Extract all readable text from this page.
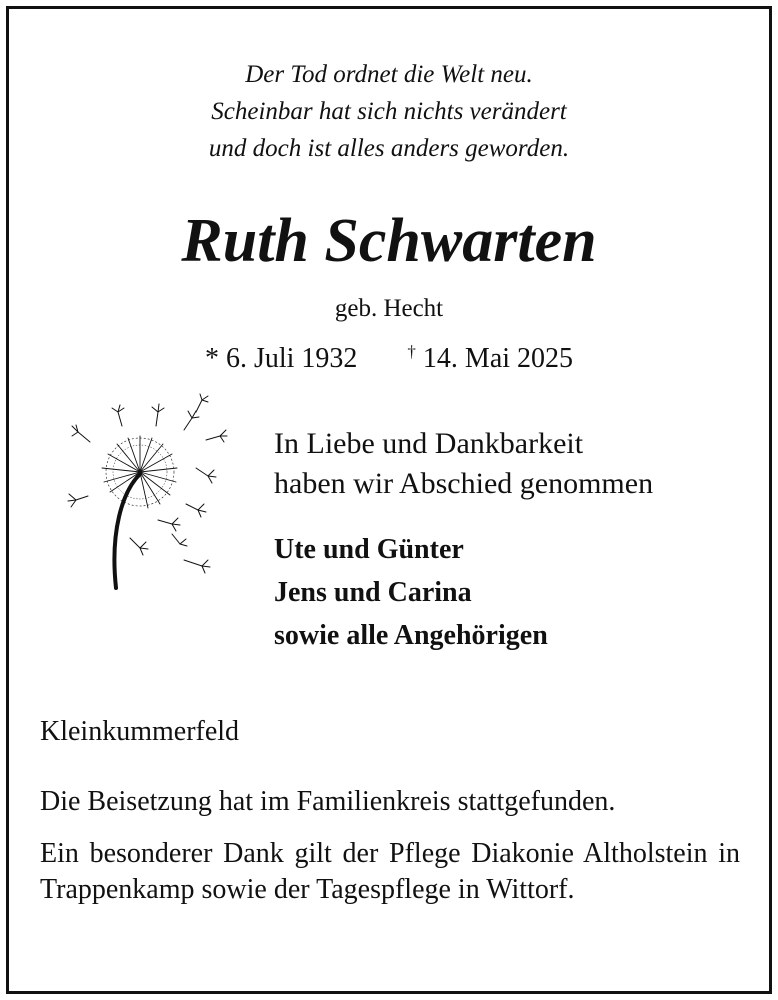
Der Tod ordnet die Welt neu.
Scheinbar hat sich nichts verändert
und doch ist alles anders geworden.
Ruth Schwarten
geb. Hecht
* 6. Juli 1932	† 14. Mai 2025
In Liebe und Dankbarkeit
haben wir Abschied genommen
Ute und Günter
Jens und Carina
sowie alle Angehörigen
Kleinkummerfeld
Die Beisetzung hat im Familienkreis stattgefunden.
Ein besonderer Dank gilt der Pflege Diakonie Altholstein in Trappenkamp sowie der Tagespflege in Wittorf.
